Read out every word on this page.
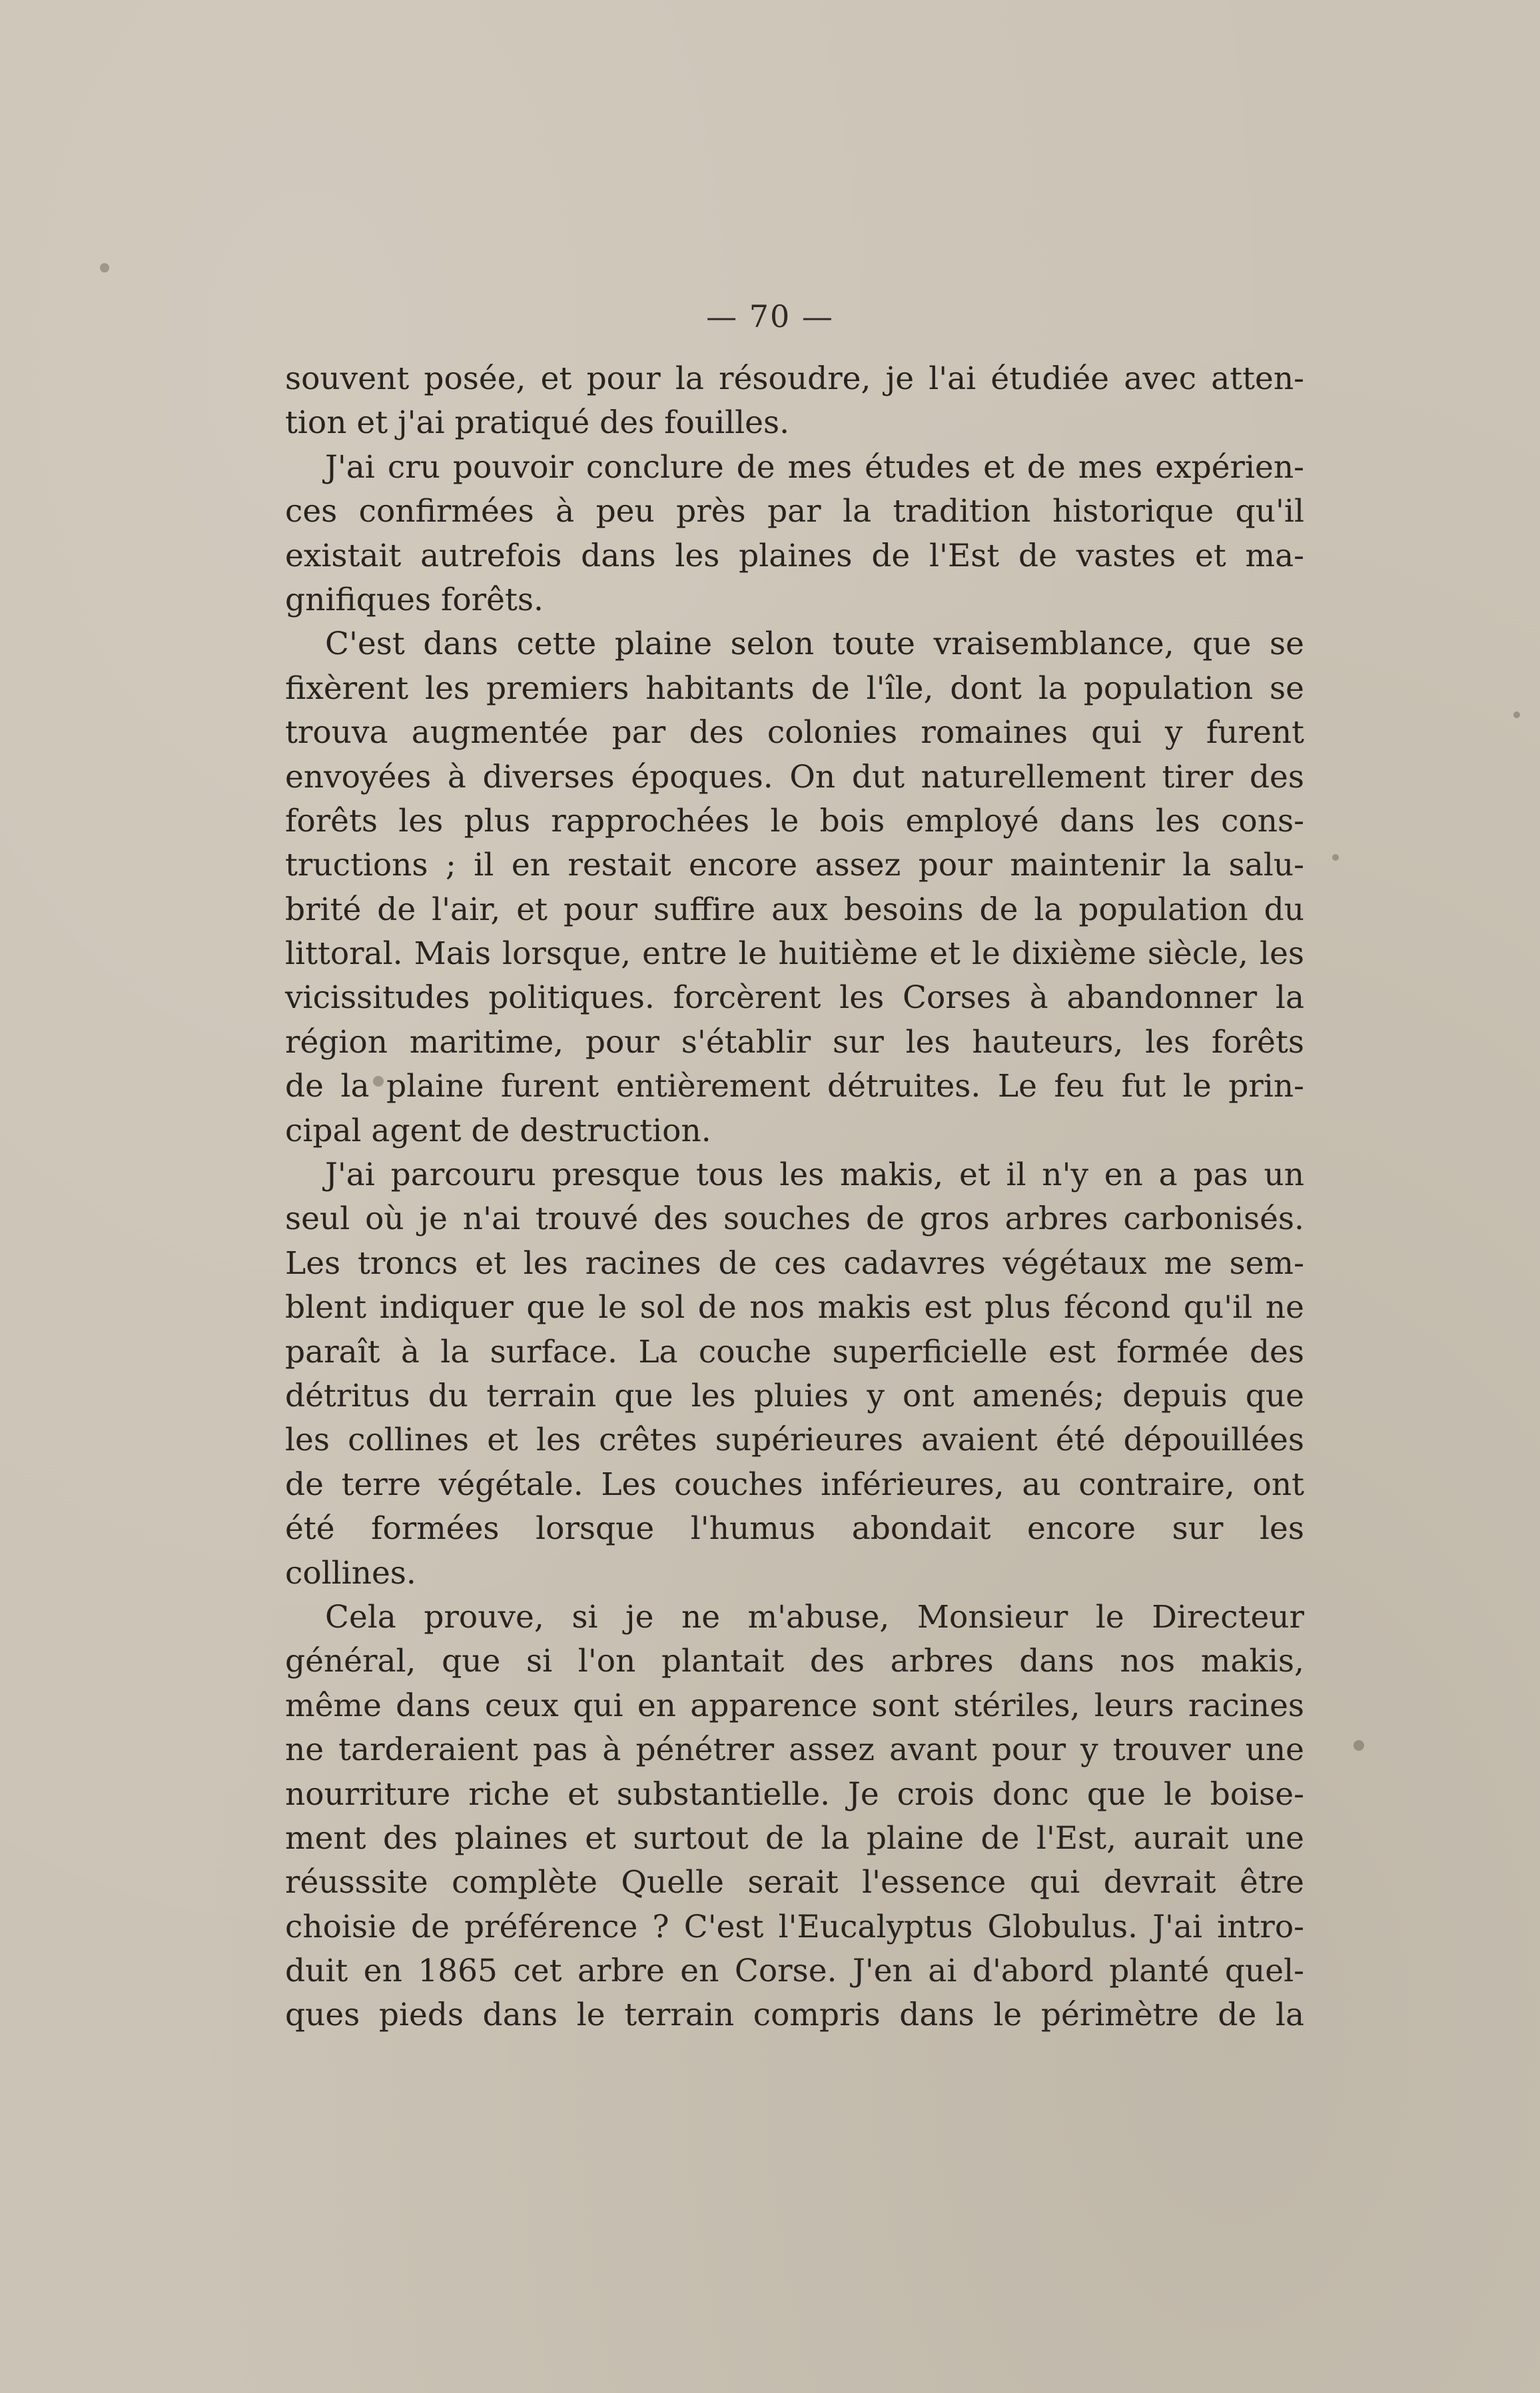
— 70 —
souvent posée, et pour la résoudre, je l'ai étudiée avec atten-
tion et j'ai pratiqué des fouilles.
J'ai cru pouvoir conclure de mes études et de mes expérien-
ces confirmées à peu près par la tradition historique qu'il
existait autrefois dans les plaines de l'Est de vastes et ma-
gnifiques forêts.
C'est dans cette plaine selon toute vraisemblance, que se
fixèrent les premiers habitants de l'île, dont la population se
trouva augmentée par des colonies romaines qui y furent
envoyées à diverses époques. On dut naturellement tirer des
forêts les plus rapprochées le bois employé dans les cons-
tructions ; il en restait encore assez pour maintenir la salu-
brité de l'air, et pour suffire aux besoins de la population du
littoral. Mais lorsque, entre le huitième et le dixième siècle, les
vicissitudes politiques. forcèrent les Corses à abandonner la
région maritime, pour s'établir sur les hauteurs, les forêts
de la plaine furent entièrement détruites. Le feu fut le prin-
cipal agent de destruction.
J'ai parcouru presque tous les makis, et il n'y en a pas un
seul où je n'ai trouvé des souches de gros arbres carbonisés.
Les troncs et les racines de ces cadavres végétaux me sem-
blent indiquer que le sol de nos makis est plus fécond qu'il ne
paraît à la surface. La couche superficielle est formée des
détritus du terrain que les pluies y ont amenés; depuis que
les collines et les crêtes supérieures avaient été dépouillées
de terre végétale. Les couches inférieures, au contraire, ont
été formées lorsque l'humus abondait encore sur les
collines.
Cela prouve, si je ne m'abuse, Monsieur le Directeur
général, que si l'on plantait des arbres dans nos makis,
même dans ceux qui en apparence sont stériles, leurs racines
ne tarderaient pas à pénétrer assez avant pour y trouver une
nourriture riche et substantielle. Je crois donc que le boise-
ment des plaines et surtout de la plaine de l'Est, aurait une
réusssite complète Quelle serait l'essence qui devrait être
choisie de préférence ? C'est l'Eucalyptus Globulus. J'ai intro-
duit en 1865 cet arbre en Corse. J'en ai d'abord planté quel-
ques pieds dans le terrain compris dans le périmètre de la
